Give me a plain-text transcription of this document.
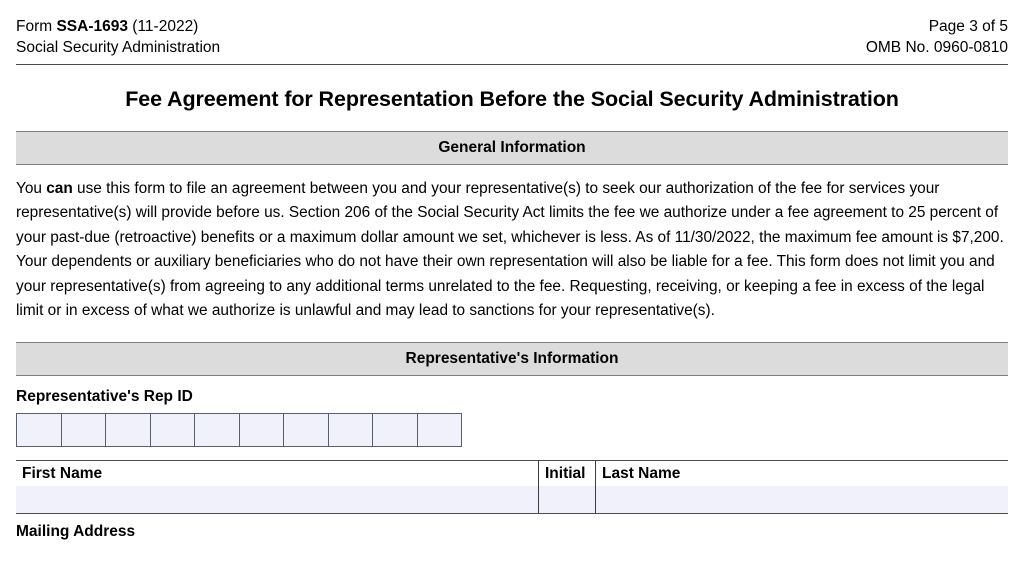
Form SSA-1693 (11-2022)
Social Security Administration
Page 3 of 5
OMB No. 0960-0810
Fee Agreement for Representation Before the Social Security Administration
General Information

You can use this form to file an agreement between you and your representative(s) to seek our authorization of the fee for services your representative(s) will provide before us. Section 206 of the Social Security Act limits the fee we authorize under a fee agreement to 25 percent of your past-due (retroactive) benefits or a maximum dollar amount we set, whichever is less. As of 11/30/2022, the maximum fee amount is $7,200. Your dependents or auxiliary beneficiaries who do not have their own representation will also be liable for a fee. This form does not limit you and your representative(s) from agreeing to any additional terms unrelated to the fee. Requesting, receiving, or keeping a fee in excess of the legal limit or in excess of what we authorize is unlawful and may lead to sanctions for your representative(s).

Representative's Information
Representative's Rep ID
First Name	Initial	Last Name
Mailing Address
